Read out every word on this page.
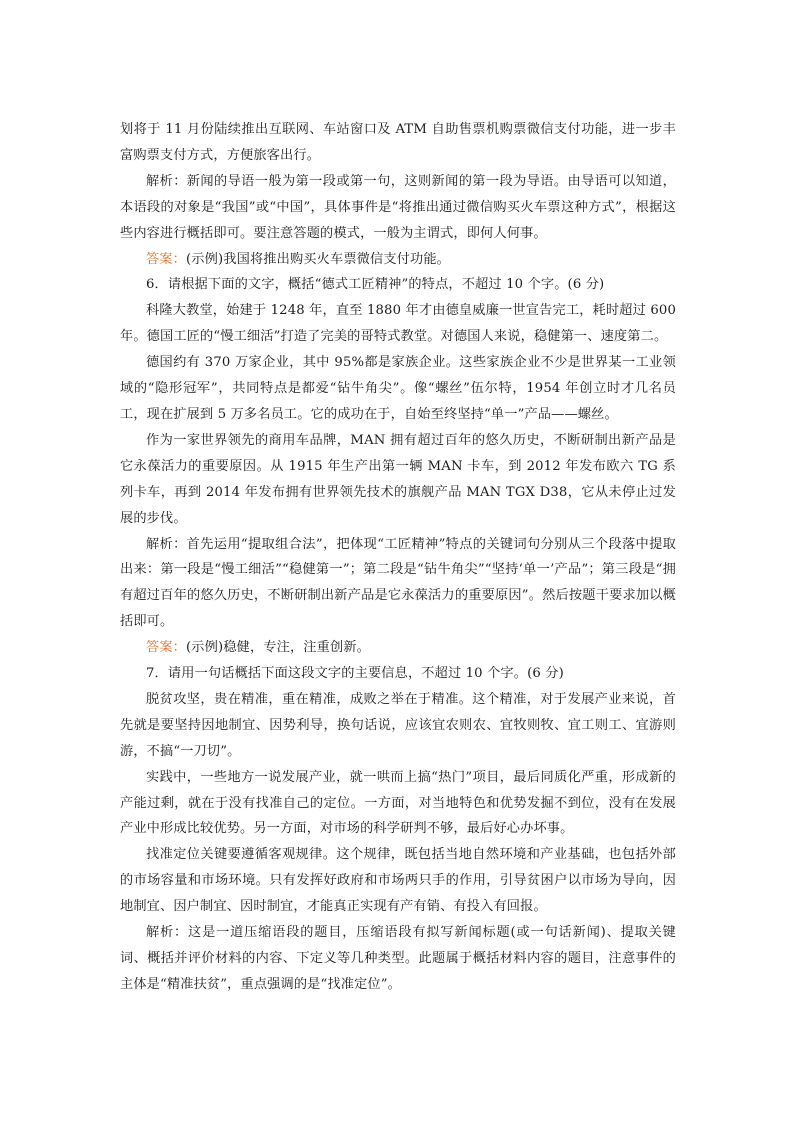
划将于 11 月份陆续推出互联网、车站窗口及 ATM 自助售票机购票微信支付功能，进一步丰富购票支付方式，方便旅客出行。

解析：新闻的导语一般为第一段或第一句，这则新闻的第一段为导语。由导语可以知道，本语段的对象是“我国”或“中国”，具体事件是“将推出通过微信购买火车票这种方式”，根据这些内容进行概括即可。要注意答题的模式，一般为主谓式，即何人何事。

答案：(示例)我国将推出购买火车票微信支付功能。

6．请根据下面的文字，概括“德式工匠精神”的特点，不超过 10 个字。(6 分)

科隆大教堂，始建于 1248 年，直至 1880 年才由德皇威廉一世宣告完工，耗时超过 600 年。德国工匠的“慢工细活”打造了完美的哥特式教堂。对德国人来说，稳健第一、速度第二。

德国约有 370 万家企业，其中 95%都是家族企业。这些家族企业不少是世界某一工业领域的“隐形冠军”，共同特点是都爱“钻牛角尖”。像“螺丝”伍尔特，1954 年创立时才几名员工，现在扩展到 5 万多名员工。它的成功在于，自始至终坚持“单一”产品——螺丝。

作为一家世界领先的商用车品牌，MAN 拥有超过百年的悠久历史，不断研制出新产品是它永葆活力的重要原因。从 1915 年生产出第一辆 MAN 卡车，到 2012 年发布欧六 TG 系列卡车，再到 2014 年发布拥有世界领先技术的旗舰产品 MAN TGX D38，它从未停止过发展的步伐。

解析：首先运用“提取组合法”，把体现“工匠精神”特点的关键词句分别从三个段落中提取出来：第一段是“慢工细活”“稳健第一”；第二段是“钻牛角尖”“坚持‘单一’产品”；第三段是“拥有超过百年的悠久历史，不断研制出新产品是它永葆活力的重要原因”。然后按题干要求加以概括即可。

答案：(示例)稳健，专注，注重创新。

7．请用一句话概括下面这段文字的主要信息，不超过 10 个字。(6 分)

脱贫攻坚，贵在精准，重在精准，成败之举在于精准。这个精准，对于发展产业来说，首先就是要坚持因地制宜、因势利导，换句话说，应该宜农则农、宜牧则牧、宜工则工、宜游则游，不搞“一刀切”。

实践中，一些地方一说发展产业，就一哄而上搞“热门”项目，最后同质化严重，形成新的产能过剩，就在于没有找准自己的定位。一方面，对当地特色和优势发掘不到位，没有在发展产业中形成比较优势。另一方面，对市场的科学研判不够，最后好心办坏事。

找准定位关键要遵循客观规律。这个规律，既包括当地自然环境和产业基础，也包括外部的市场容量和市场环境。只有发挥好政府和市场两只手的作用，引导贫困户以市场为导向，因地制宜、因户制宜、因时制宜，才能真正实现有产有销、有投入有回报。

解析：这是一道压缩语段的题目，压缩语段有拟写新闻标题(或一句话新闻)、提取关键词、概括并评价材料的内容、下定义等几种类型。此题属于概括材料内容的题目，注意事件的主体是“精准扶贫”，重点强调的是“找准定位”。
